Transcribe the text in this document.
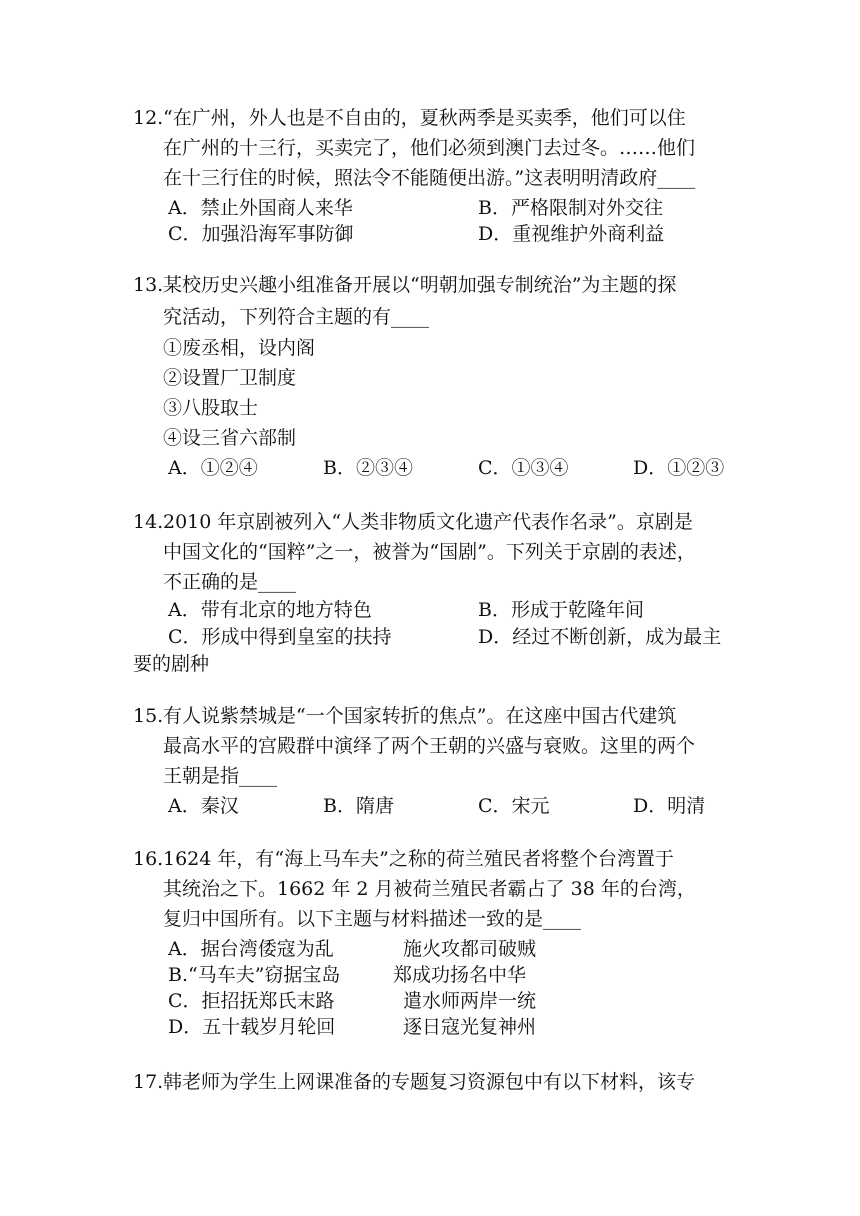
12. “在广州，外人也是不自由的，夏秋两季是买卖季，他们可以住
在广州的十三行，买卖完了，他们必须到澳门去过冬。……他们
在十三行住的时候，照法令不能随便出游。”这表明明清政府____
A．禁止外国商人来华	B．严格限制对外交往
C．加强沿海军事防御	D．重视维护外商利益
13. 某校历史兴趣小组准备开展以“明朝加强专制统治”为主题的探
究活动，下列符合主题的有____
①废丞相，设内阁
②设置厂卫制度
③八股取士
④设三省六部制
A．①②④	B．②③④	C．①③④	D．①②③
14. 2010 年京剧被列入“人类非物质文化遗产代表作名录”。京剧是
中国文化的“国粹”之一，被誉为“国剧”。下列关于京剧的表述，
不正确的是____
A．带有北京的地方特色	B．形成于乾隆年间
C．形成中得到皇室的扶持	D．经过不断创新，成为最主
要的剧种
15. 有人说紫禁城是“一个国家转折的焦点”。在这座中国古代建筑
最高水平的宫殿群中演绎了两个王朝的兴盛与衰败。这里的两个
王朝是指____
A．秦汉	B．隋唐	C．宋元	D．明清
16. 1624 年，有“海上马车夫”之称的荷兰殖民者将整个台湾置于
其统治之下。1662 年 2 月被荷兰殖民者霸占了 38 年的台湾，
复归中国所有。以下主题与材料描述一致的是____
A．据台湾倭寇为乱	施火攻都司破贼
B.“马车夫”窃据宝岛	郑成功扬名中华
C．拒招抚郑氏末路	遣水师两岸一统
D．五十载岁月轮回	逐日寇光复神州
17. 韩老师为学生上网课准备的专题复习资源包中有以下材料，该专
